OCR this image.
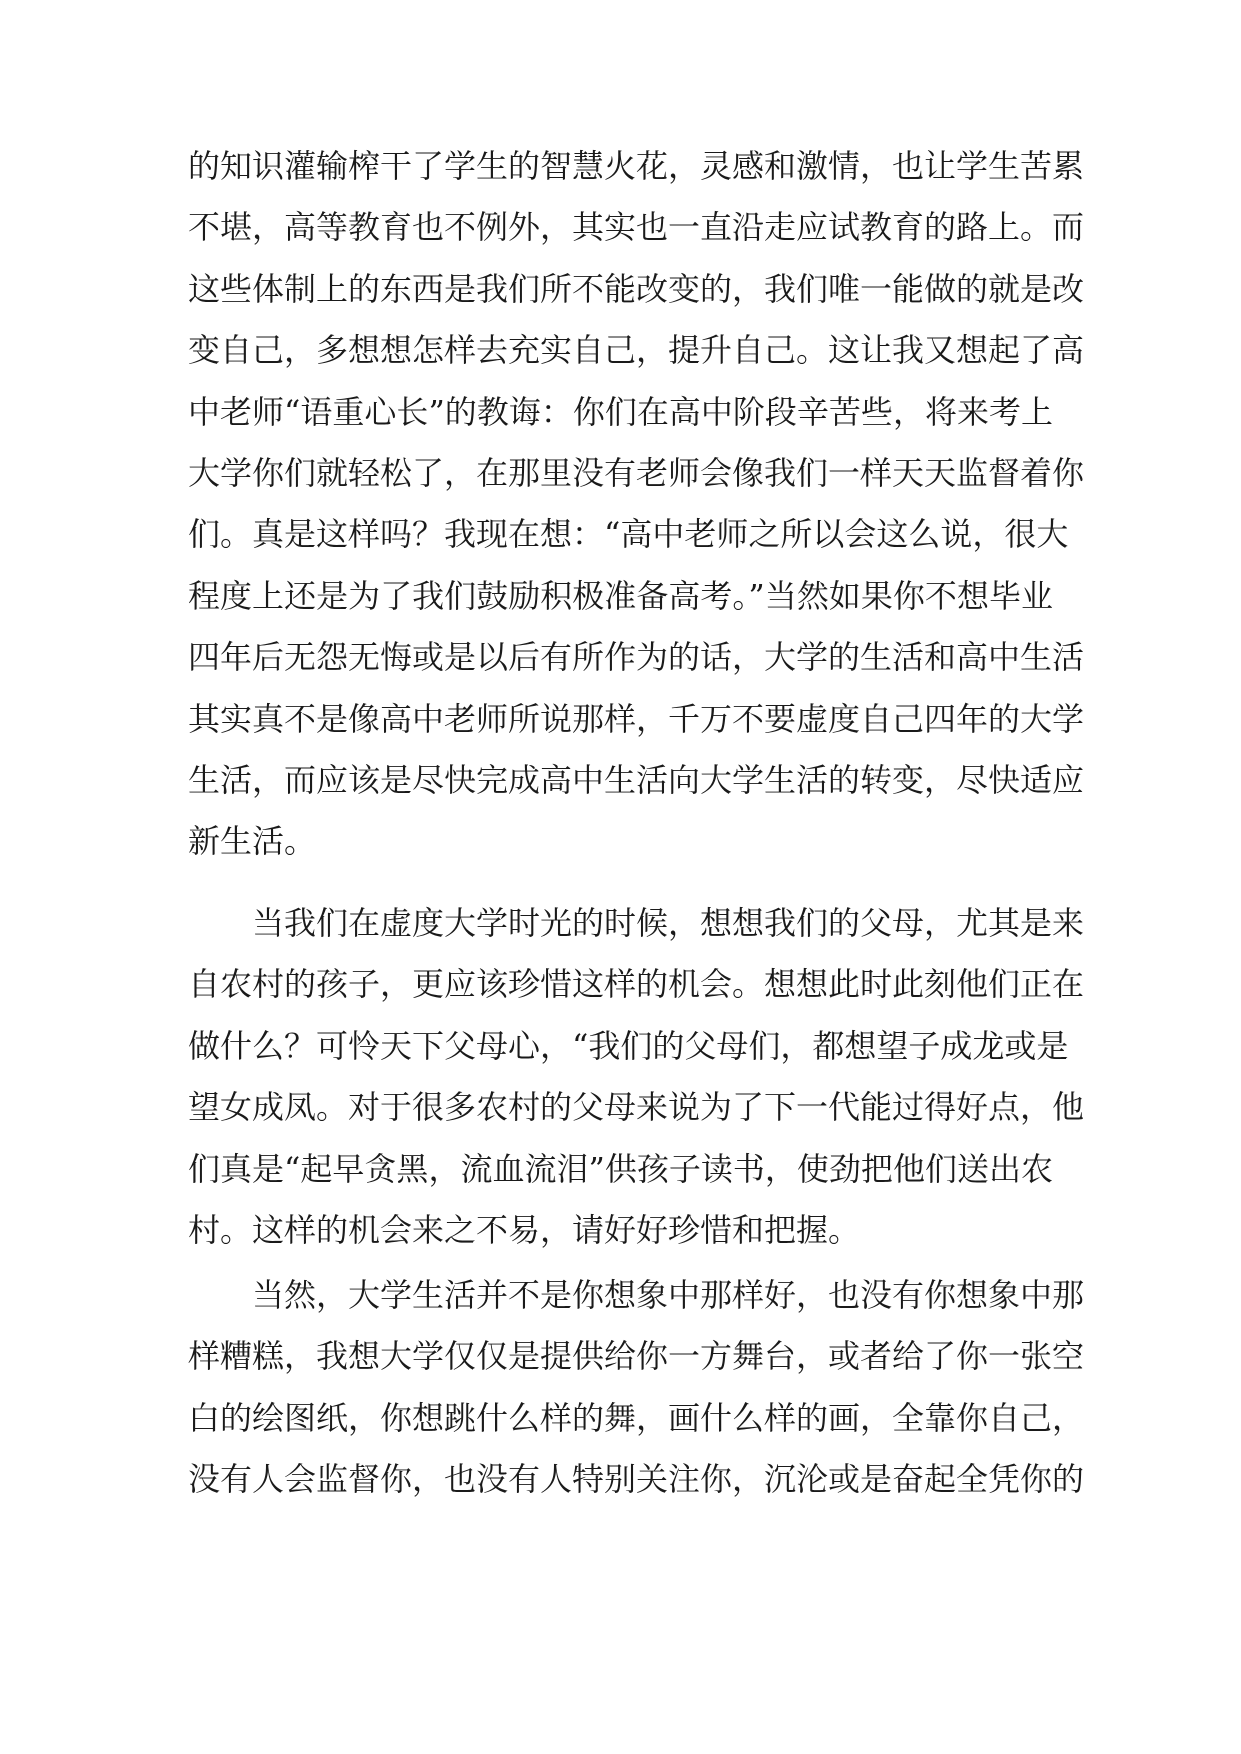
的知识灌输榨干了学生的智慧火花，灵感和激情，也让学生苦累
不堪，高等教育也不例外，其实也一直沿走应试教育的路上。而
这些体制上的东西是我们所不能改变的，我们唯一能做的就是改
变自己，多想想怎样去充实自己，提升自己。这让我又想起了高
中老师“语重心长”的教诲：你们在高中阶段辛苦些，将来考上
大学你们就轻松了，在那里没有老师会像我们一样天天监督着你
们。真是这样吗？我现在想：“高中老师之所以会这么说，很大
程度上还是为了我们鼓励积极准备高考。”当然如果你不想毕业
四年后无怨无悔或是以后有所作为的话，大学的生活和高中生活
其实真不是像高中老师所说那样，千万不要虚度自己四年的大学
生活，而应该是尽快完成高中生活向大学生活的转变，尽快适应
新生活。
当我们在虚度大学时光的时候，想想我们的父母，尤其是来
自农村的孩子，更应该珍惜这样的机会。想想此时此刻他们正在
做什么？可怜天下父母心，“我们的父母们，都想望子成龙或是
望女成凤。对于很多农村的父母来说为了下一代能过得好点，他
们真是“起早贪黑，流血流泪”供孩子读书，使劲把他们送出农
村。这样的机会来之不易，请好好珍惜和把握。
当然，大学生活并不是你想象中那样好，也没有你想象中那
样糟糕，我想大学仅仅是提供给你一方舞台，或者给了你一张空
白的绘图纸，你想跳什么样的舞，画什么样的画，全靠你自己，
没有人会监督你，也没有人特别关注你，沉沦或是奋起全凭你的
